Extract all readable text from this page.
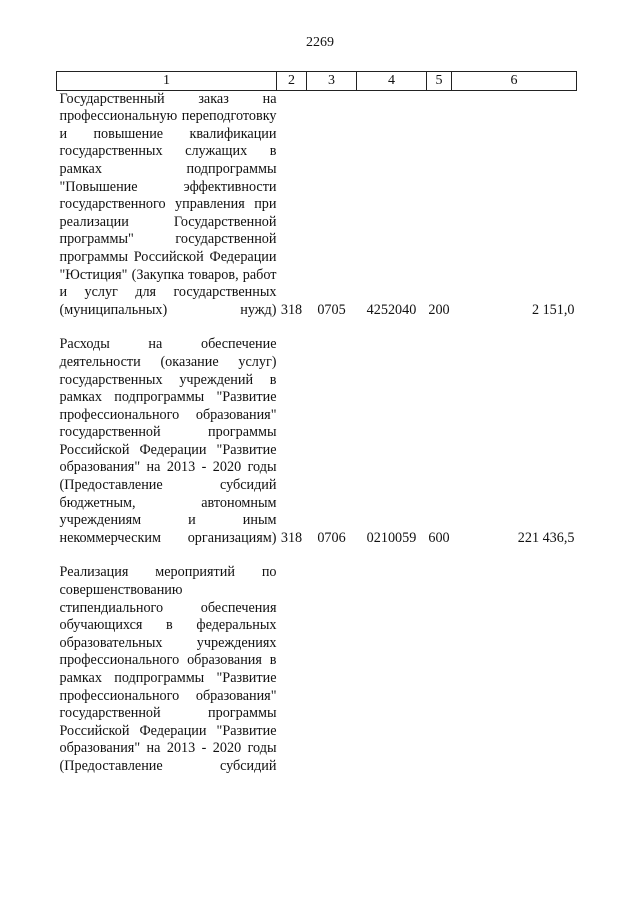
2269
1	2	3	4	5	6
Государственный заказ на профессиональную переподготовку и повышение квалификации государственных служащих в рамках подпрограммы "Повышение эффективности государственного управления при реализации Государственной программы" государственной программы Российской Федерации "Юстиция" (Закупка товаров, работ и услуг для государственных (муниципальных) нужд)	318	0705	4252040	200	2 151,0

Расходы на обеспечение деятельности (оказание услуг) государственных учреждений в рамках подпрограммы "Развитие профессионального образования" государственной программы Российской Федерации "Развитие образования" на 2013 - 2020 годы (Предоставление субсидий бюджетным, автономным учреждениям и иным некоммерческим организациям)	318	0706	0210059	600	221 436,5

Реализация мероприятий по совершенствованию стипендиального обеспечения обучающихся в федеральных образовательных учреждениях профессионального образования в рамках подпрограммы "Развитие профессионального образования" государственной программы Российской Федерации "Развитие образования" на 2013 - 2020 годы (Предоставление субсидий					
